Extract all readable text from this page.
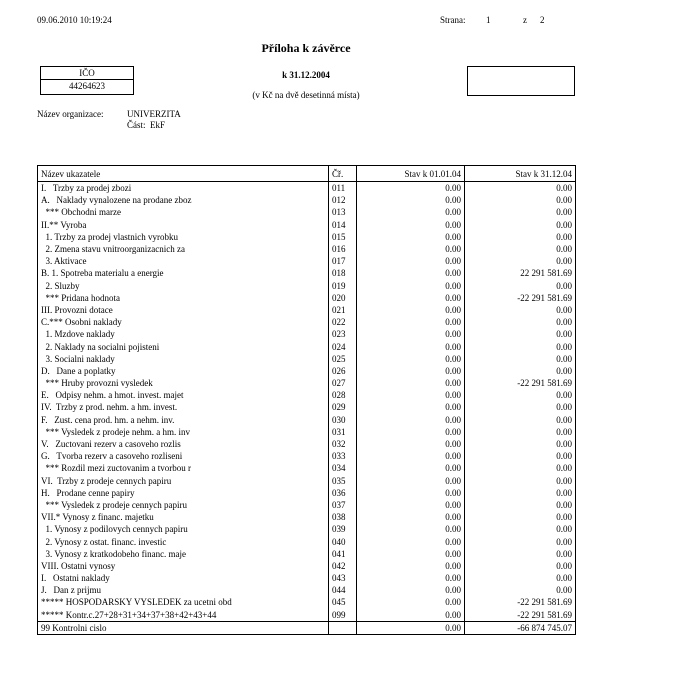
09.06.2010 10:19:24	Strana: 1	z 2
Příloha k závěrce
k 31.12.2004
(v Kč na dvě desetinná místa)
IČO
44264623
Název organizace:	UNIVERZITA
Část: EkF
Název ukazatele	Čř.	Stav k 01.01.04	Stav k 31.12.04
I.   Trzby za prodej zbozi	011	0.00	0.00
A.   Naklady vynalozene na prodane zboz	012	0.00	0.00
*** Obchodni marze	013	0.00	0.00
II.** Vyroba	014	0.00	0.00
1. Trzby za prodej vlastnich vyrobku	015	0.00	0.00
2. Zmena stavu vnitroorganizacnich za	016	0.00	0.00
3. Aktivace	017	0.00	0.00
B. 1. Spotreba materialu a energie	018	0.00	22 291 581.69
2. Sluzby	019	0.00	0.00
*** Pridana hodnota	020	0.00	-22 291 581.69
III. Provozni dotace	021	0.00	0.00
C.*** Osobni naklady	022	0.00	0.00
1. Mzdove naklady	023	0.00	0.00
2. Naklady na socialni pojisteni	024	0.00	0.00
3. Socialni naklady	025	0.00	0.00
D.   Dane a poplatky	026	0.00	0.00
*** Hruby provozni vysledek	027	0.00	-22 291 581.69
E.   Odpisy nehm. a hmot. invest. majet	028	0.00	0.00
IV.  Trzby z prod. nehm. a hm. invest.	029	0.00	0.00
F.   Zust. cena prod. hm. a nehm. inv.	030	0.00	0.00
*** Vysledek z prodeje nehm. a hm. inv	031	0.00	0.00
V.   Zuctovani rezerv a casoveho rozlis	032	0.00	0.00
G.   Tvorba rezerv a casoveho rozliseni	033	0.00	0.00
*** Rozdil mezi zuctovanim a tvorbou r	034	0.00	0.00
VI.  Trzby z prodeje cennych papiru	035	0.00	0.00
H.   Prodane cenne papiry	036	0.00	0.00
*** Vysledek z prodeje cennych papiru	037	0.00	0.00
VII.* Vynosy z financ. majetku	038	0.00	0.00
1. Vynosy z podilovych cennych papiru	039	0.00	0.00
2. Vynosy z ostat. financ. investic	040	0.00	0.00
3. Vynosy z kratkodobeho financ. maje	041	0.00	0.00
VIII. Ostatni vynosy	042	0.00	0.00
I.   Ostatni naklady	043	0.00	0.00
J.   Dan z prijmu	044	0.00	0.00
***** HOSPODARSKY VYSLEDEK za ucetni obd	045	0.00	-22 291 581.69
***** Kontr.c.27+28+31+34+37+38+42+43+44	099	0.00	-22 291 581.69
99 Kontrolni cislo		0.00	-66 874 745.07
